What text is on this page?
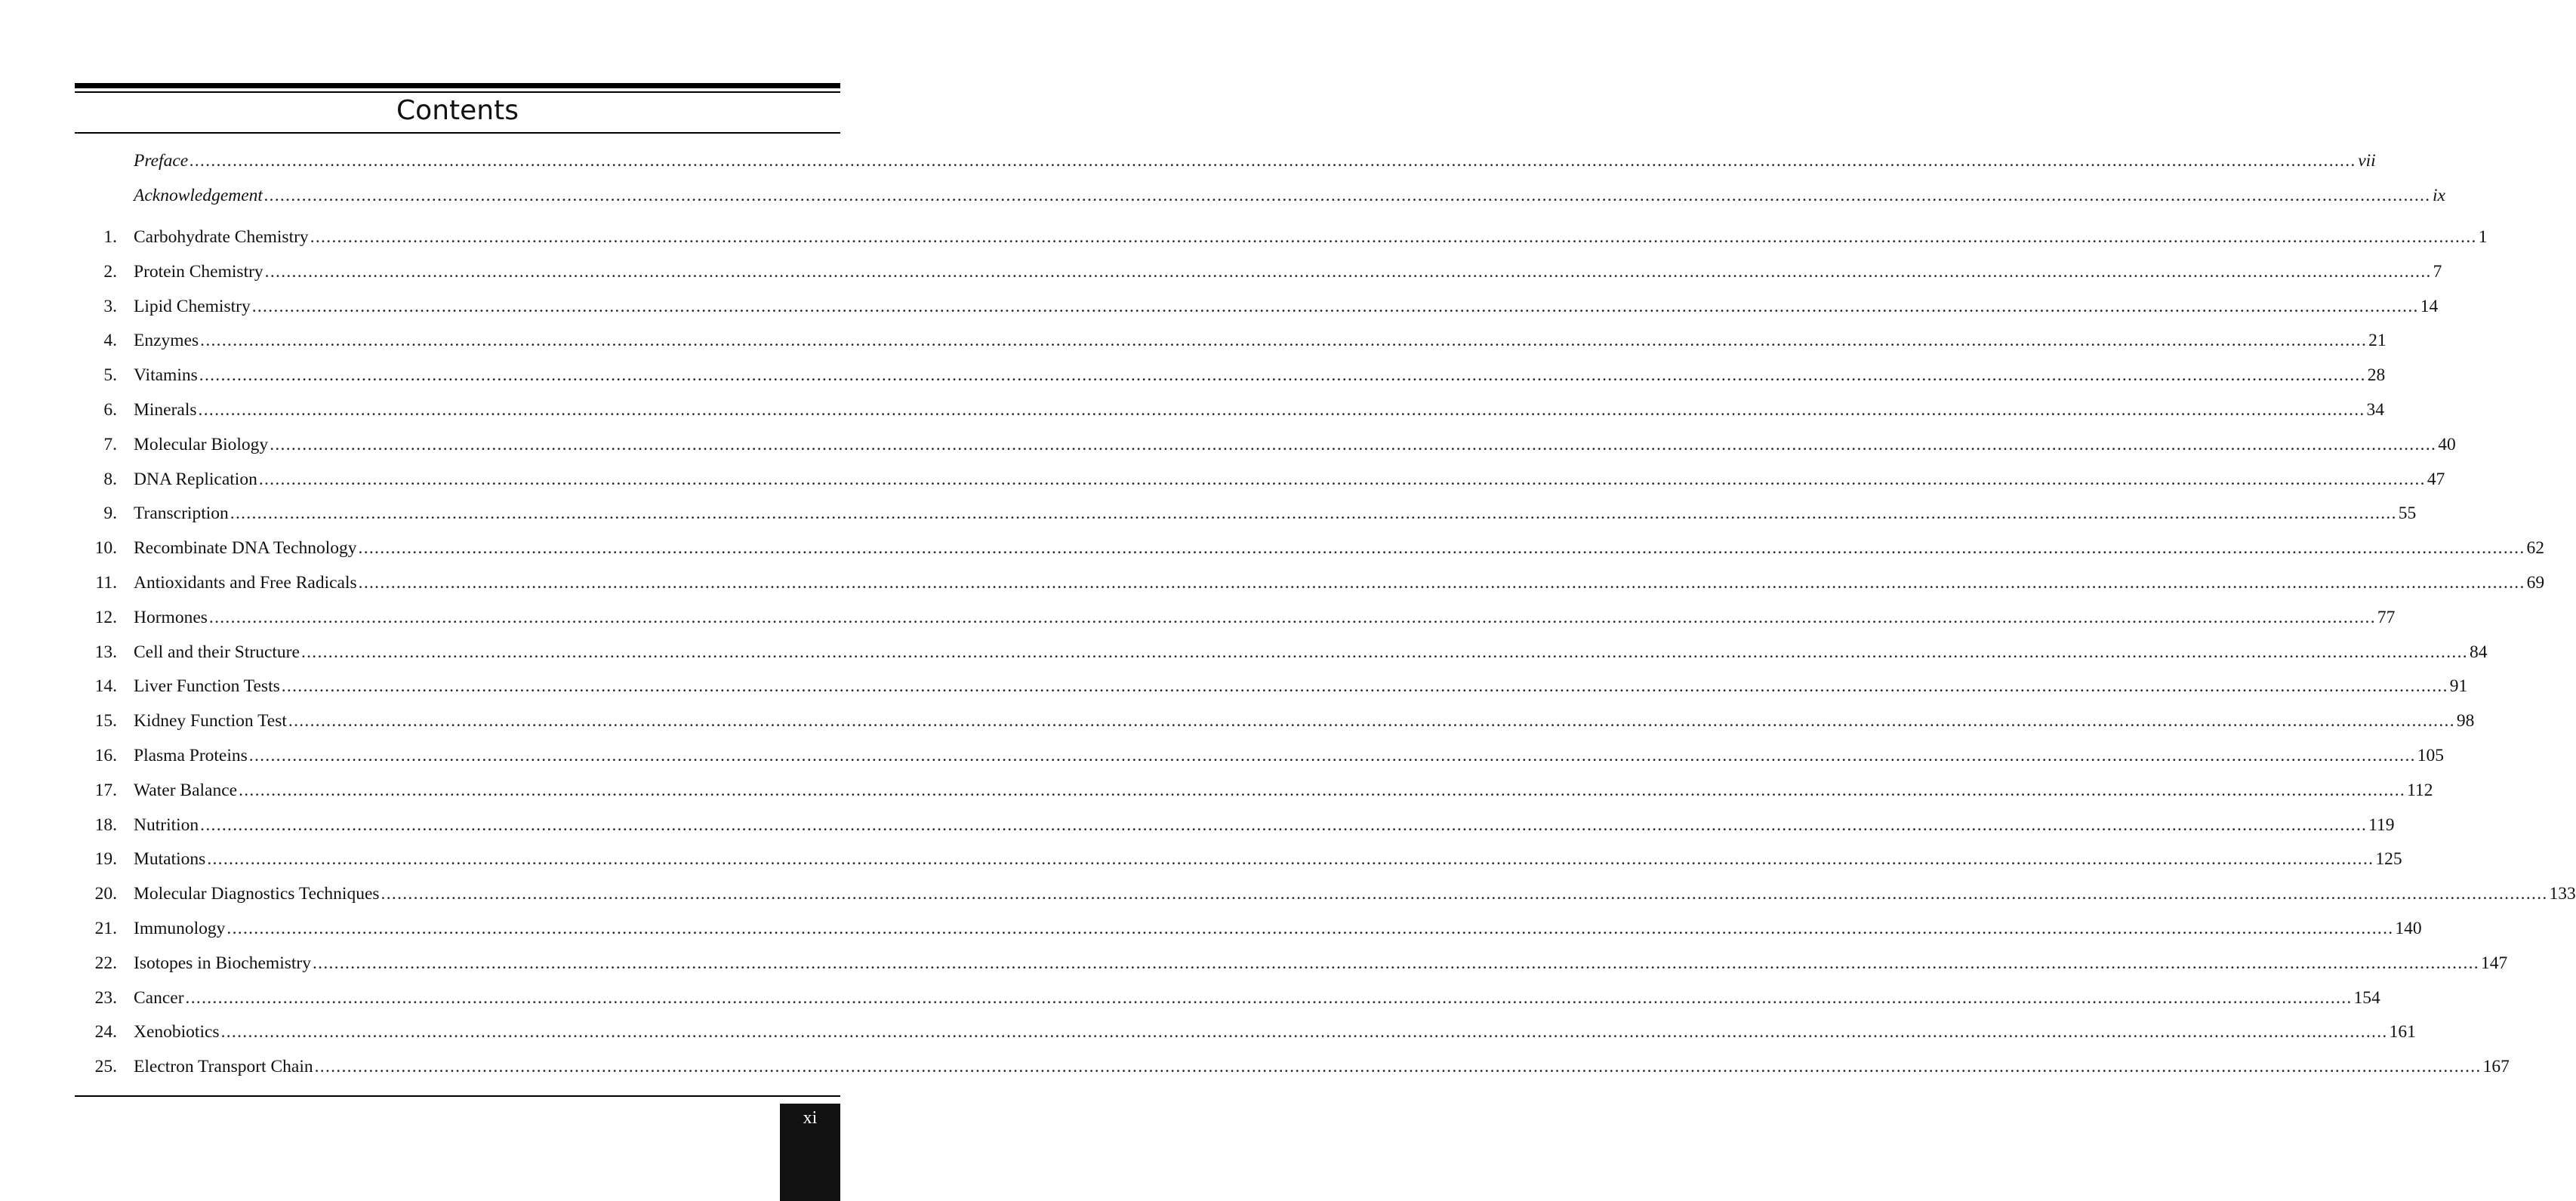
Contents
Preface ................................................................................................................................................................................................................................................................................................................................................................................................................ vii
Acknowledgement ................................................................................................................................................................................................................................................................................................................................................................................................................ ix
1. Carbohydrate Chemistry ................................................................................................................................................................................................................................................................................................................................................................................................................ 1
2. Protein Chemistry ................................................................................................................................................................................................................................................................................................................................................................................................................ 7
3. Lipid Chemistry ................................................................................................................................................................................................................................................................................................................................................................................................................ 14
4. Enzymes ................................................................................................................................................................................................................................................................................................................................................................................................................ 21
5. Vitamins ................................................................................................................................................................................................................................................................................................................................................................................................................ 28
6. Minerals ................................................................................................................................................................................................................................................................................................................................................................................................................ 34
7. Molecular Biology ................................................................................................................................................................................................................................................................................................................................................................................................................ 40
8. DNA Replication ................................................................................................................................................................................................................................................................................................................................................................................................................ 47
9. Transcription ................................................................................................................................................................................................................................................................................................................................................................................................................ 55
10. Recombinate DNA Technology ................................................................................................................................................................................................................................................................................................................................................................................................................ 62
11. Antioxidants and Free Radicals ................................................................................................................................................................................................................................................................................................................................................................................................................ 69
12. Hormones ................................................................................................................................................................................................................................................................................................................................................................................................................ 77
13. Cell and their Structure ................................................................................................................................................................................................................................................................................................................................................................................................................ 84
14. Liver Function Tests ................................................................................................................................................................................................................................................................................................................................................................................................................ 91
15. Kidney Function Test ................................................................................................................................................................................................................................................................................................................................................................................................................ 98
16. Plasma Proteins ................................................................................................................................................................................................................................................................................................................................................................................................................ 105
17. Water Balance ................................................................................................................................................................................................................................................................................................................................................................................................................ 112
18. Nutrition ................................................................................................................................................................................................................................................................................................................................................................................................................ 119
19. Mutations ................................................................................................................................................................................................................................................................................................................................................................................................................ 125
20. Molecular Diagnostics Techniques ................................................................................................................................................................................................................................................................................................................................................................................................................ 133
21. Immunology ................................................................................................................................................................................................................................................................................................................................................................................................................ 140
22. Isotopes in Biochemistry ................................................................................................................................................................................................................................................................................................................................................................................................................ 147
23. Cancer ................................................................................................................................................................................................................................................................................................................................................................................................................ 154
24. Xenobiotics ................................................................................................................................................................................................................................................................................................................................................................................................................ 161
25. Electron Transport Chain ................................................................................................................................................................................................................................................................................................................................................................................................................ 167
xi
